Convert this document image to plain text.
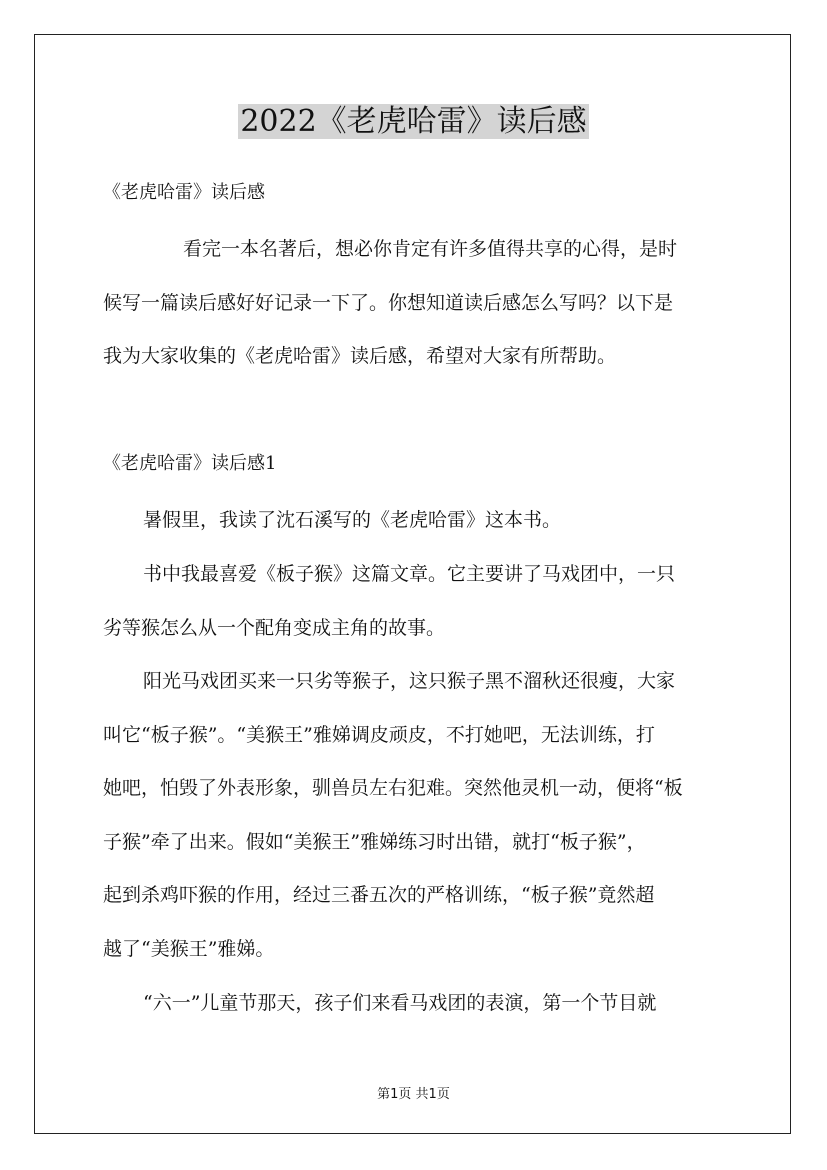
2022《老虎哈雷》读后感
《老虎哈雷》读后感
看完一本名著后，想必你肯定有许多值得共享的心得，是时
候写一篇读后感好好记录一下了。你想知道读后感怎么写吗？以下是
我为大家收集的《老虎哈雷》读后感，希望对大家有所帮助。
《老虎哈雷》读后感1
暑假里，我读了沈石溪写的《老虎哈雷》这本书。
书中我最喜爱《板子猴》这篇文章。它主要讲了马戏团中，一只
劣等猴怎么从一个配角变成主角的故事。
阳光马戏团买来一只劣等猴子，这只猴子黑不溜秋还很瘦，大家
叫它“板子猴”。“美猴王”雅娣调皮顽皮，不打她吧，无法训练，打
她吧，怕毁了外表形象，驯兽员左右犯难。突然他灵机一动，便将“板
子猴”牵了出来。假如“美猴王”雅娣练习时出错，就打“板子猴”，
起到杀鸡吓猴的作用，经过三番五次的严格训练，“板子猴”竟然超
越了“美猴王”雅娣。
“六一”儿童节那天，孩子们来看马戏团的表演，第一个节目就
第1页 共1页
